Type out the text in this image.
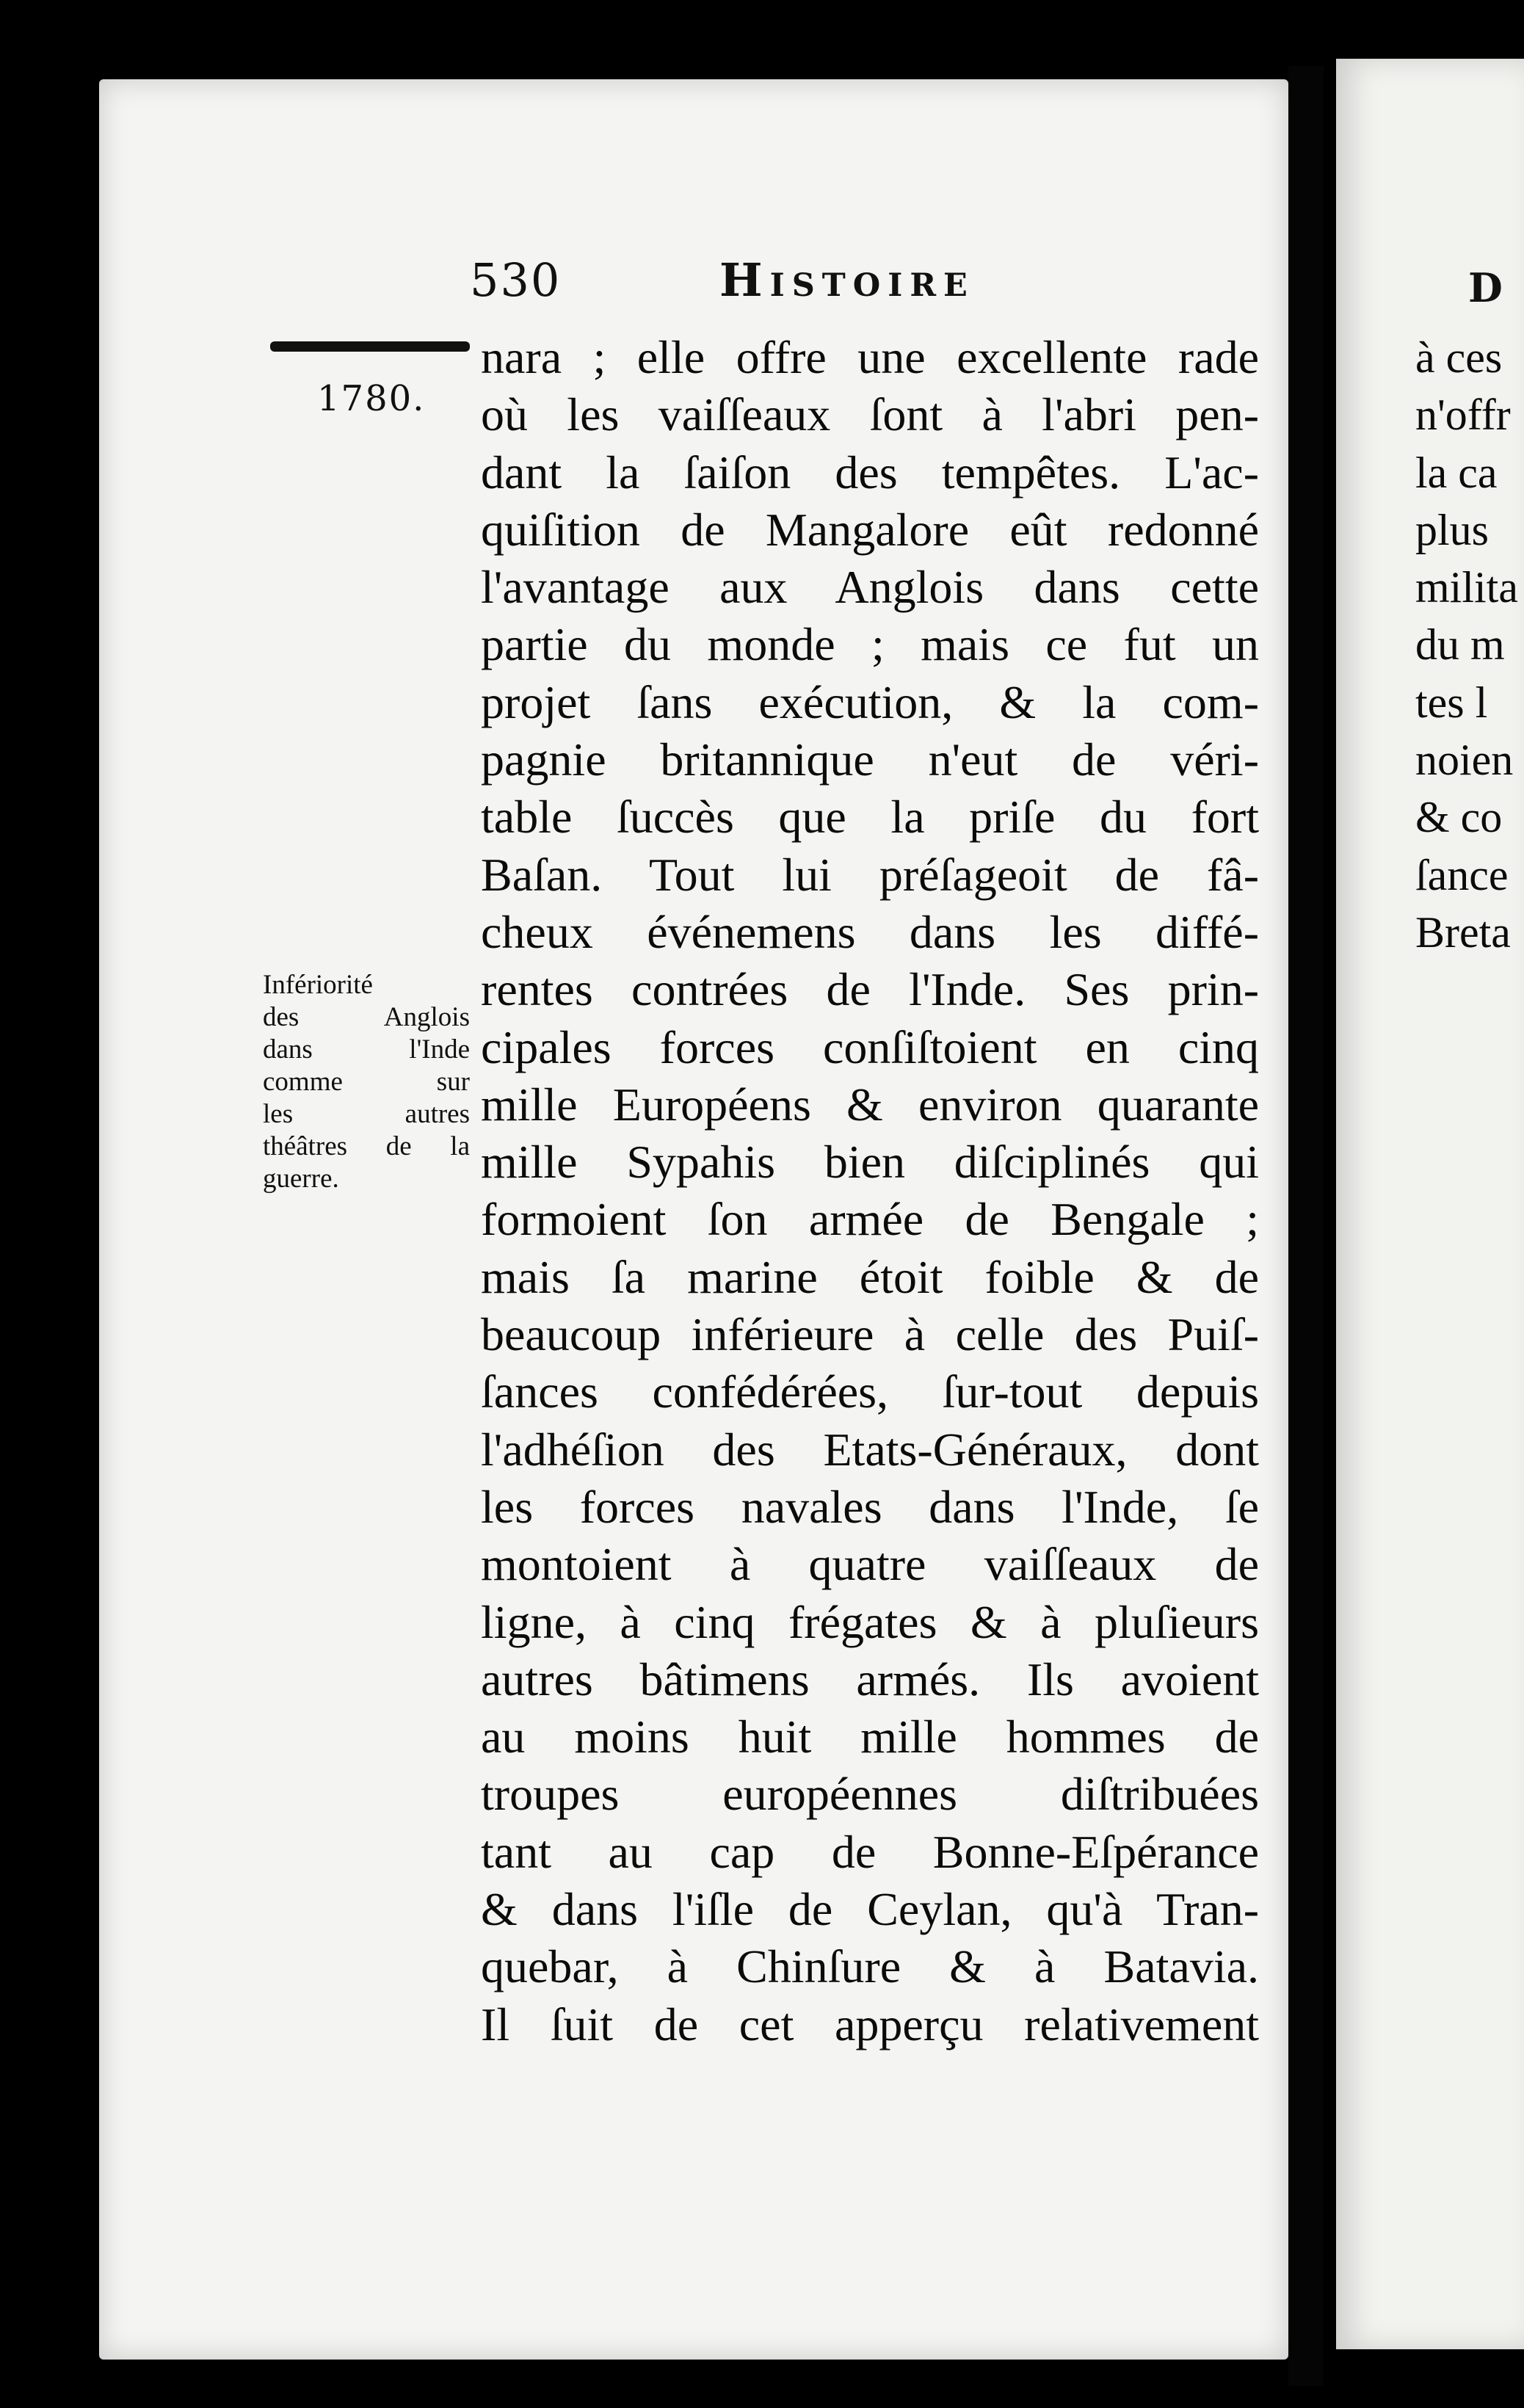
530	Histoire
1780.
nara ; elle offre une excellente rade
où les vaiſſeaux ſont à l'abri pen-
dant la ſaiſon des tempêtes. L'ac-
quiſition de Mangalore eût redonné
l'avantage aux Anglois dans cette
partie du monde ; mais ce fut un
projet ſans exécution, & la com-
pagnie britannique n'eut de véri-
table ſuccès que la priſe du fort
Baſan. Tout lui préſageoit de fâ-
cheux événemens dans les diffé-
rentes contrées de l'Inde. Ses prin-
cipales forces conſiſtoient en cinq
mille Européens & environ quarante
mille Sypahis bien diſciplinés qui
formoient ſon armée de Bengale ;
mais ſa marine étoit foible & de
beaucoup inférieure à celle des Puiſ-
ſances confédérées, ſur-tout depuis
l'adhéſion des Etats-Généraux, dont
les forces navales dans l'Inde, ſe
montoient à quatre vaiſſeaux de
ligne, à cinq frégates & à pluſieurs
autres bâtimens armés. Ils avoient
au moins huit mille hommes de
troupes européennes diſtribuées
tant au cap de Bonne-Eſpérance
& dans l'iſle de Ceylan, qu'à Tran-
quebar, à Chinſure & à Batavia.
Il ſuit de cet apperçu relativement
Infériorité
des Anglois
dans l'Inde
comme sur
les autres
théâtres de la
guerre.
D
à ces
n'offr
la ca
plus
milita
du m
tes l
noien
& co
ſance
Breta
